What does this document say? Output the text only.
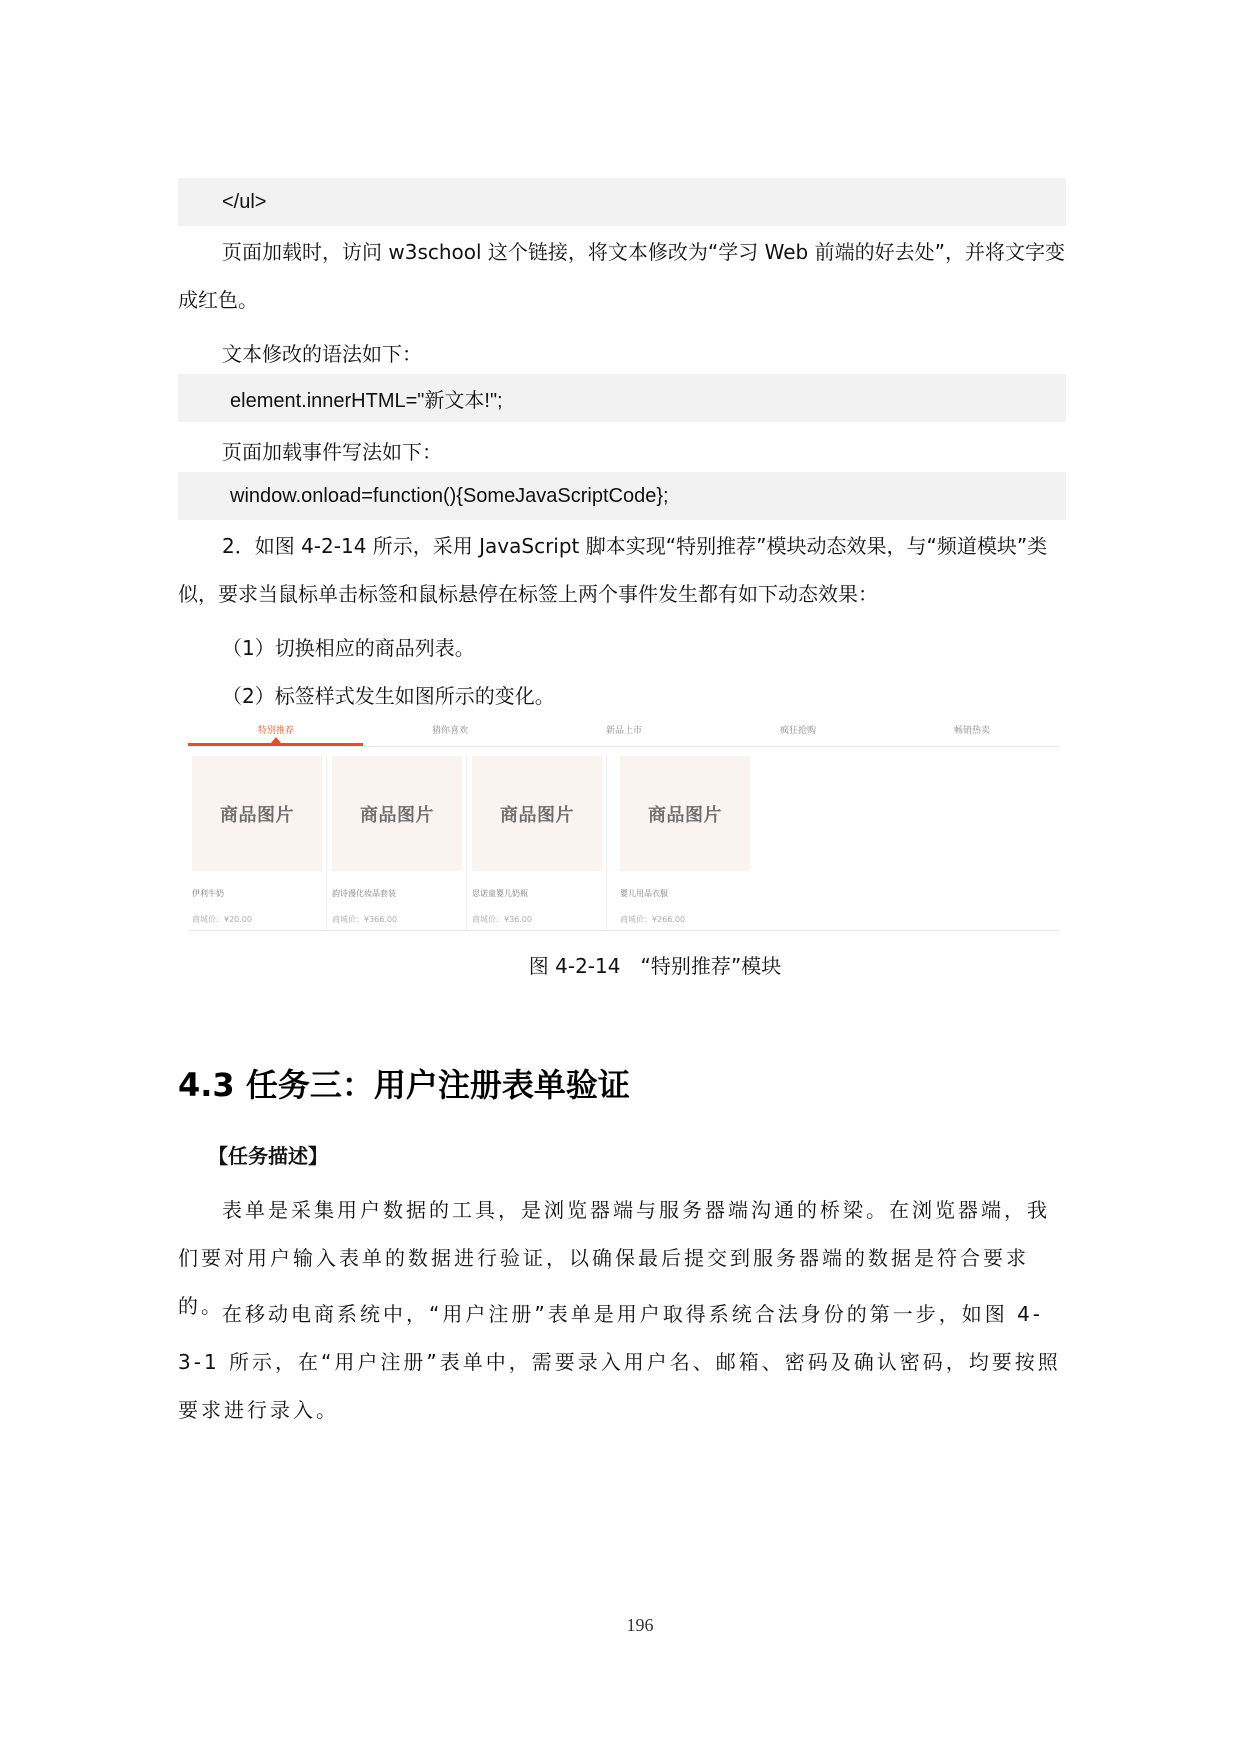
</ul>
页面加载时，访问 w3school 这个链接，将文本修改为“学习 Web 前端的好去处”，并将文字变成红色。
文本修改的语法如下：
element.innerHTML="新文本!";
页面加载事件写法如下：
window.onload=function(){SomeJavaScriptCode};
2．如图 4-2-14 所示，采用 JavaScript 脚本实现“特别推荐”模块动态效果，与“频道模块”类似，要求当鼠标单击标签和鼠标悬停在标签上两个事件发生都有如下动态效果：
（1）切换相应的商品列表。
（2）标签样式发生如图所示的变化。
特别推荐	猜你喜欢	新品上市	疯狂抢购	畅销热卖
商品图片
伊利牛奶
商城价：¥20.00
商品图片
韵诗漫化妆品套装
商城价：¥366.00
商品图片
思诺童婴儿奶瓶
商城价：¥36.00
商品图片
婴儿用品衣服
商城价：¥266.00
图 4-2-14　“特别推荐”模块
4.3 任务三：用户注册表单验证
【任务描述】
表单是采集用户数据的工具，是浏览器端与服务器端沟通的桥梁。在浏览器端，我们要对用户输入表单的数据进行验证，以确保最后提交到服务器端的数据是符合要求的。
在移动电商系统中，“用户注册”表单是用户取得系统合法身份的第一步，如图 4-3-1 所示，在“用户注册”表单中，需要录入用户名、邮箱、密码及确认密码，均要按照要求进行录入。
196
